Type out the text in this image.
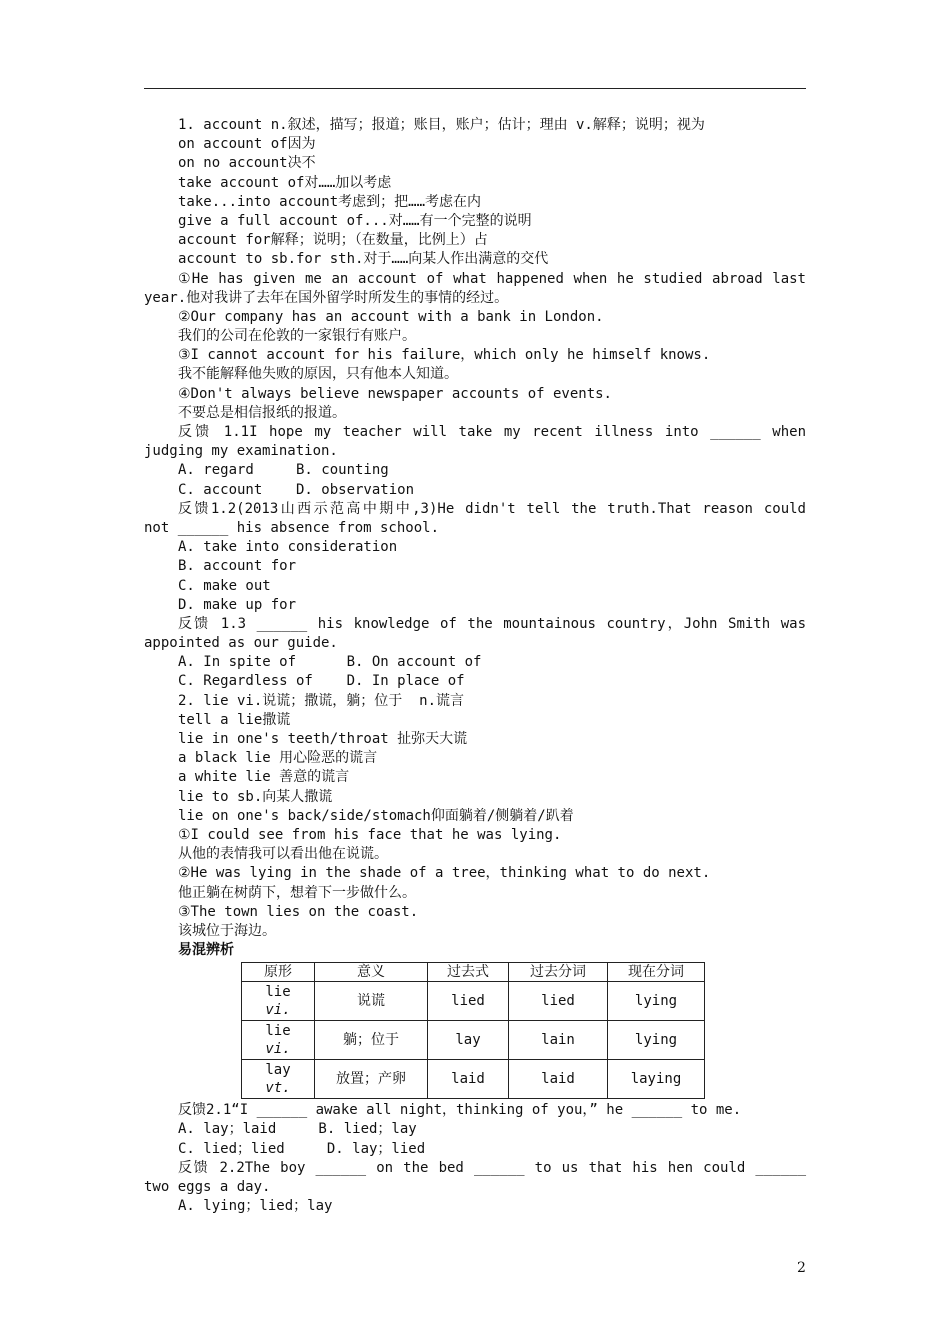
1. account n.叙述，描写；报道；账目，账户；估计；理由 v.解释；说明；视为
on account of因为
on no account决不
take account of对……加以考虑
take...into account考虑到；把……考虑在内
give a full account of...对……有一个完整的说明
account for解释；说明；（在数量，比例上）占
account to sb.for sth.对于……向某人作出满意的交代
①He has given me an account of what happened when he studied abroad last
year.他对我讲了去年在国外留学时所发生的事情的经过。
②Our company has an account with a bank in London.
我们的公司在伦敦的一家银行有账户。
③I cannot account for his failure，which only he himself knows.
我不能解释他失败的原因，只有他本人知道。
④Don't always believe newspaper accounts of events.
不要总是相信报纸的报道。
反馈 1.1I hope my teacher will take my recent illness into ______ when
judging my examination.
A. regard     B. counting
C. account    D. observation
反馈1.2(2013山西示范高中期中,3)He didn't tell the truth.That reason could
not ______ his absence from school.
A. take into consideration
B. account for
C. make out
D. make up for
反馈 1.3 ______ his knowledge of the mountainous country，John Smith was
appointed as our guide.
A. In spite of      B. On account of
C. Regardless of    D. In place of
2. lie vi.说谎；撒谎，躺；位于  n.谎言
tell a lie撒谎
lie in one's teeth/throat 扯弥天大谎
a black lie 用心险恶的谎言
a white lie 善意的谎言
lie to sb.向某人撒谎
lie on one's back/side/stomach仰面躺着/侧躺着/趴着
①I could see from his face that he was lying.
从他的表情我可以看出他在说谎。
②He was lying in the shade of a tree，thinking what to do next.
他正躺在树荫下，想着下一步做什么。
③The town lies on the coast.
该城位于海边。
易混辨析
原形	意义	过去式	过去分词	现在分词
lie
vi.	说谎	lied	lied	lying
lie
vi.	躺；位于	lay	lain	lying
lay
vt.	放置；产卵	laid	laid	laying
反馈2.1“I ______ awake all night，thinking of you，” he ______ to me.
A. lay；laid     B. lied；lay
C. lied；lied     D. lay；lied
反馈 2.2The boy ______ on the bed ______ to us that his hen could ______
two eggs a day.
A. lying；lied；lay
2
